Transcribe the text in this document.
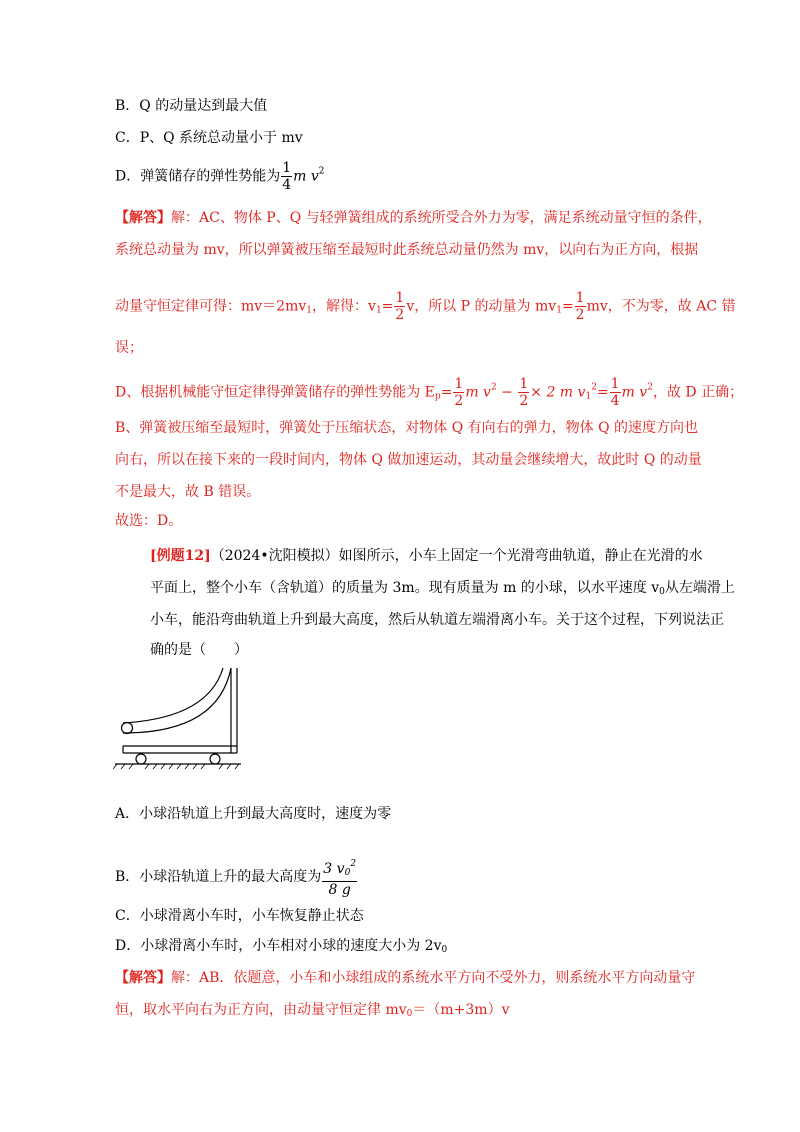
B．Q 的动量达到最大值
C．P、Q 系统总动量小于 mv
D．弹簧储存的弹性势能为 $\frac{1}{4}$ m $v^2$
【解答】解：AC、物体 P、Q 与轻弹簧组成的系统所受合外力为零，满足系统动量守恒的条件，
系统总动量为 mv，所以弹簧被压缩至最短时此系统总动量仍然为 mv，以向右为正方向，根据
动量守恒定律可得：$mv=2mv_1$，解得：$v_1= \frac{1}{2}$ v，所以 P 的动量为 $mv_1= \frac{1}{2}$ mv，不为零，故 AC 错
误；
D、根据机械能守恒定律得弹簧储存的弹性势能为 $E_p= \frac{1}{2}$ m $v^2 - \frac{1}{2} \times 2$ m $v_1^2= \frac{1}{4}$ m $v^2$，故 D 正确；
B、弹簧被压缩至最短时，弹簧处于压缩状态，对物体 Q 有向右的弹力，物体 Q 的速度方向也
向右，所以在接下来的一段时间内，物体 Q 做加速运动，其动量会继续增大，故此时 Q 的动量
不是最大，故 B 错误。
故选：D。
[例题12]（2024•沈阳模拟）如图所示，小车上固定一个光滑弯曲轨道，静止在光滑的水
平面上，整个小车（含轨道）的质量为 3m。现有质量为 m 的小球，以水平速度 $v_0$从左端滑上
小车，能沿弯曲轨道上升到最大高度，然后从轨道左端滑离小车。关于这个过程，下列说法正
确的是（　　）
A．小球沿轨道上升到最大高度时，速度为零
B．小球沿轨道上升的最大高度为 $\frac{3 v_0^2}{8 g}$
C．小球滑离小车时，小车恢复静止状态
D．小球滑离小车时，小车相对小球的速度大小为 $2v_0$
【解答】解：AB．依题意，小车和小球组成的系统水平方向不受外力，则系统水平方向动量守
恒，取水平向右为正方向，由动量守恒定律 $mv_0=(m+3m)v$
